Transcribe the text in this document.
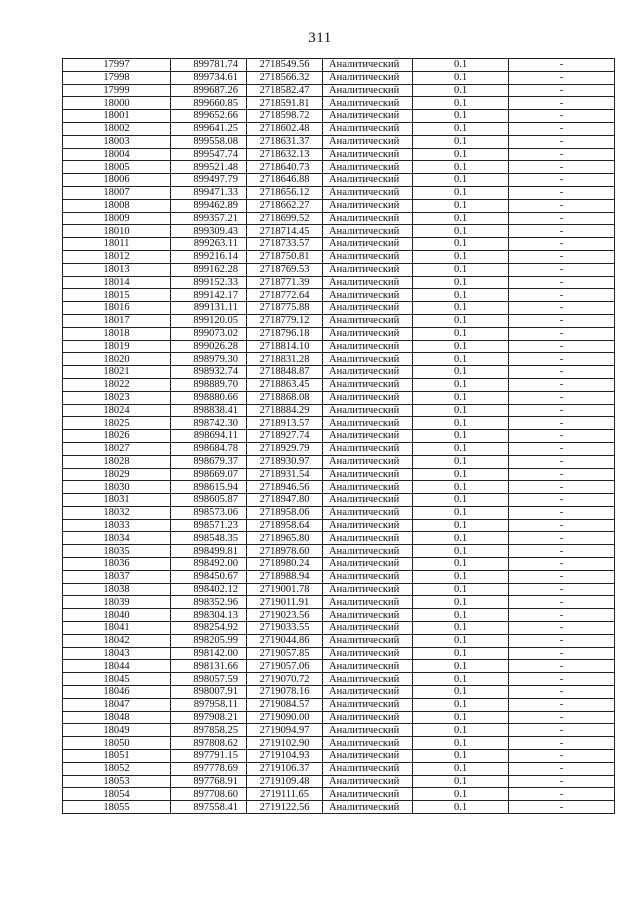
311
17997	899781.74	2718549.56	Аналитический	0.1	-
17998	899734.61	2718566.32	Аналитический	0.1	-
17999	899687.26	2718582.47	Аналитический	0.1	-
18000	899660.85	2718591.81	Аналитический	0.1	-
18001	899652.66	2718598.72	Аналитический	0.1	-
18002	899641.25	2718602.48	Аналитический	0.1	-
18003	899558.08	2718631.37	Аналитический	0.1	-
18004	899547.74	2718632.13	Аналитический	0.1	-
18005	899521.48	2718640.73	Аналитический	0.1	-
18006	899497.79	2718646.88	Аналитический	0.1	-
18007	899471.33	2718656.12	Аналитический	0.1	-
18008	899462.89	2718662.27	Аналитический	0.1	-
18009	899357.21	2718699.52	Аналитический	0.1	-
18010	899309.43	2718714.45	Аналитический	0.1	-
18011	899263.11	2718733.57	Аналитический	0.1	-
18012	899216.14	2718750.81	Аналитический	0.1	-
18013	899162.28	2718769.53	Аналитический	0.1	-
18014	899152.33	2718771.39	Аналитический	0.1	-
18015	899142.17	2718772.64	Аналитический	0.1	-
18016	899131.11	2718775.88	Аналитический	0.1	-
18017	899120.05	2718779.12	Аналитический	0.1	-
18018	899073.02	2718796.18	Аналитический	0.1	-
18019	899026.28	2718814.10	Аналитический	0.1	-
18020	898979.30	2718831.28	Аналитический	0.1	-
18021	898932.74	2718848.87	Аналитический	0.1	-
18022	898889.70	2718863.45	Аналитический	0.1	-
18023	898880.66	2718868.08	Аналитический	0.1	-
18024	898838.41	2718884.29	Аналитический	0.1	-
18025	898742.30	2718913.57	Аналитический	0.1	-
18026	898694.11	2718927.74	Аналитический	0.1	-
18027	898684.78	2718929.79	Аналитический	0.1	-
18028	898679.37	2718930.97	Аналитический	0.1	-
18029	898669.07	2718931.54	Аналитический	0.1	-
18030	898615.94	2718946.56	Аналитический	0.1	-
18031	898605.87	2718947.80	Аналитический	0.1	-
18032	898573.06	2718958.06	Аналитический	0.1	-
18033	898571.23	2718958.64	Аналитический	0.1	-
18034	898548.35	2718965.80	Аналитический	0.1	-
18035	898499.81	2718978.60	Аналитический	0.1	-
18036	898492.00	2718980.24	Аналитический	0.1	-
18037	898450.67	2718988.94	Аналитический	0.1	-
18038	898402.12	2719001.78	Аналитический	0.1	-
18039	898352.96	2719011.91	Аналитический	0.1	-
18040	898304.13	2719023.56	Аналитический	0.1	-
18041	898254.92	2719033.55	Аналитический	0.1	-
18042	898205.99	2719044.86	Аналитический	0.1	-
18043	898142.00	2719057.85	Аналитический	0.1	-
18044	898131.66	2719057.06	Аналитический	0.1	-
18045	898057.59	2719070.72	Аналитический	0.1	-
18046	898007.91	2719078.16	Аналитический	0.1	-
18047	897958.11	2719084.57	Аналитический	0.1	-
18048	897908.21	2719090.00	Аналитический	0.1	-
18049	897858.25	2719094.97	Аналитический	0.1	-
18050	897808.62	2719102.90	Аналитический	0.1	-
18051	897791.15	2719104.93	Аналитический	0.1	-
18052	897778.69	2719106.37	Аналитический	0.1	-
18053	897768.91	2719109.48	Аналитический	0.1	-
18054	897708.60	2719111.65	Аналитический	0.1	-
18055	897558.41	2719122.56	Аналитический	0.1	-
